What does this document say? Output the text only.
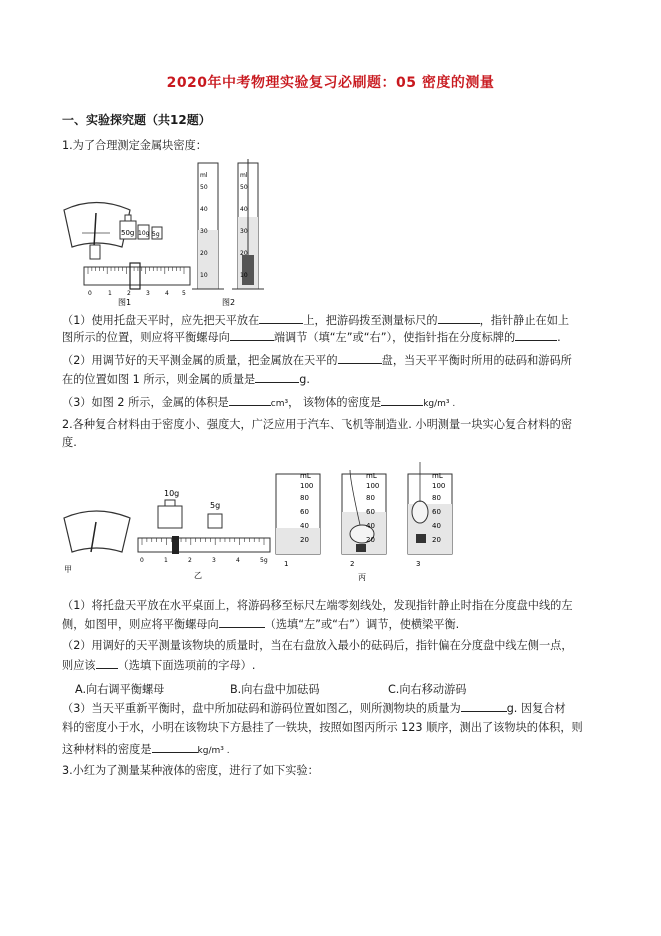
2020年中考物理实验复习必刷题：05 密度的测量
一、实验探究题（共12题）
1.为了合理测定金属块密度：
50g 10g 5g
0	1	2	3	4 5
图1
ml
50
40
30
20
10
ml
50
40
30
20
10
图2
（1）使用托盘天平时，应先把天平放在	上，把游码拨至测量标尺的	，指针静止在如上
图所示的位置，则应将平衡螺母向	端调节（填“左”或“右”），使指针指在分度标牌的	.
（2）用调节好的天平测金属的质量，把金属放在天平的	盘，当天平平衡时所用的砝码和游码所
在的位置如图 1 所示，则金属的质量是	g.
（3）如图 2 所示，金属的体积是	cm³， 该物体的密度是	kg/m³ .
2.各种复合材料由于密度小、强度大，广泛应用于汽车、飞机等制造业. 小明测量一块实心复合材料的密
度.
甲
10g
5g
0	1	2	3	4	5g
乙
mL
100
80
60
40
20
mL
100
80
60
40
20
mL
100
80
60
40
20
1	2	3
丙
（1）将托盘天平放在水平桌面上，将游码移至标尺左端零刻线处，发现指针静止时指在分度盘中线的左
侧，如图甲，则应将平衡螺母向	（选填“左”或“右”）调节，使横梁平衡.
（2）用调好的天平测量该物块的质量时，当在右盘放入最小的砝码后，指针偏在分度盘中线左侧一点，
则应该 （选填下面选项前的字母）.
A.向右调平衡螺母	B.向右盘中加砝码	C.向右移动游码
（3）当天平重新平衡时，盘中所加砝码和游码位置如图乙，则所测物块的质量为	g. 因复合材
料的密度小于水，小明在该物块下方悬挂了一铁块，按照如图丙所示 123 顺序，测出了该物块的体积，则
这种材料的密度是	kg/m³ .
3.小红为了测量某种液体的密度，进行了如下实验：
